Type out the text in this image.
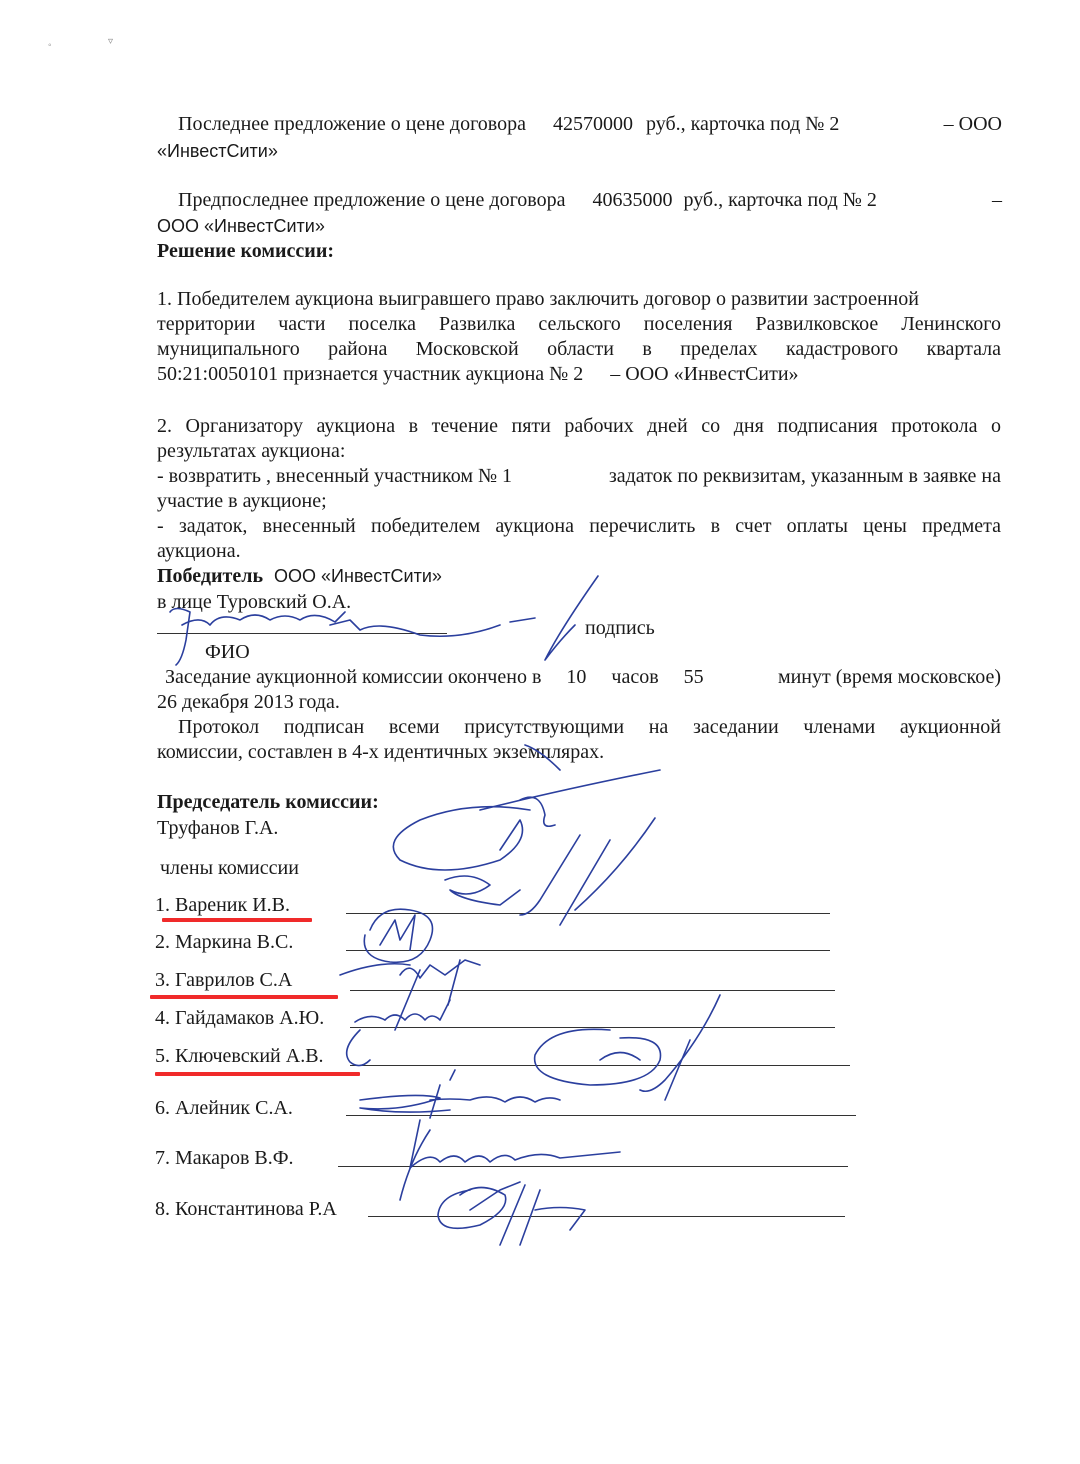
◦	▿
Последнее предложение о цене договора 42570000 руб., карточка под № 2	– ООО
«ИнвестСити»
Предпоследнее предложение о цене договора 40635000 руб., карточка под № 2	–
ООО «ИнвестСити»
Решение комиссии:
1. Победителем аукциона выигравшего право заключить договор о развитии застроенной
территории части поселка Развилка сельского поселения Развилковское Ленинского
муниципального района Московской области в пределах кадастрового квартала
50:21:0050101 признается участник аукциона № 2 – ООО «ИнвестСити»
2. Организатору аукциона в течение пяти рабочих дней со дня подписания протокола о
результатах аукциона:
- возвратить , внесенный участником № 1	задаток по реквизитам, указанным в заявке на
участие в аукционе;
- задаток, внесенный победителем аукциона перечислить в счет оплаты цены предмета
аукциона.
Победитель ООО «ИнвестСити»
в лице Туровский О.А.
подпись
ФИО
Заседание аукционной комиссии окончено в 10 часов 55	минут (время московское)
26 декабря 2013 года.
Протокол подписан всеми присутствующими на заседании членами аукционной
комиссии, составлен в 4-х идентичных экземплярах.
Председатель комиссии:
Труфанов Г.А.
члены комиссии
1. Вареник И.В.
2. Маркина В.С.
3. Гаврилов С.А
4. Гайдамаков А.Ю.
5. Ключевский А.В.
6. Алейник С.А.
7. Макаров В.Ф.
8. Константинова Р.А
